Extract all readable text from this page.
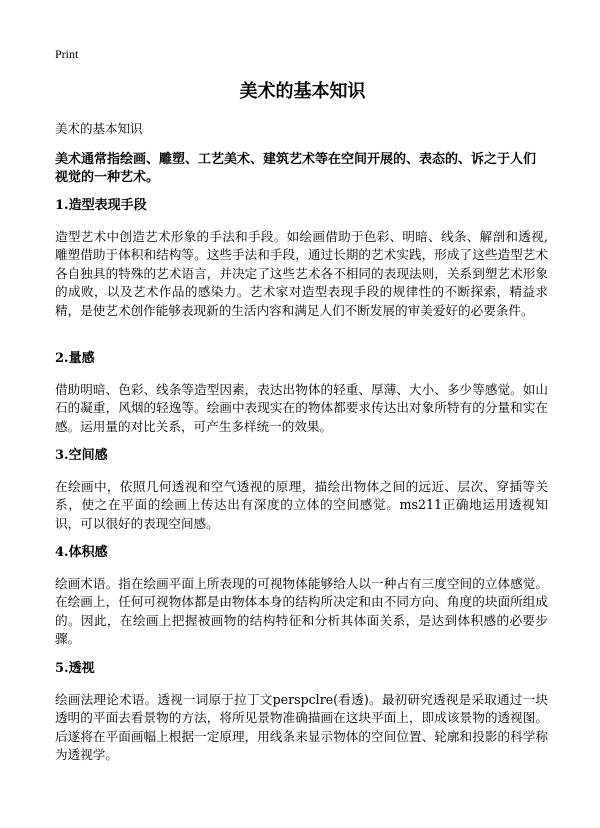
Print
美术的基本知识
美术的基本知识

美术通常指绘画、雕塑、工艺美术、建筑艺术等在空间开展的、表态的、诉之于人们视觉的一种艺术。

1.造型表现手段

造型艺术中创造艺术形象的手法和手段。如绘画借助于色彩、明暗、线条、解剖和透视,雕塑借助于体积和结构等。这些手法和手段，通过长期的艺术实践，形成了这些造型艺术各自独具的特殊的艺术语言，并决定了这些艺术各不相同的表现法则，关系到塑艺术形象的成败，以及艺术作品的感染力。艺术家对造型表现手段的规律性的不断探索，精益求精，是使艺术创作能够表现新的生活内容和满足人们不断发展的审美爱好的必要条件。

2.量感

借助明暗、色彩、线条等造型因素，表达出物体的轻重、厚薄、大小、多少等感觉。如山石的凝重，风烟的轻逸等。绘画中表现实在的物体都要求传达出对象所特有的分量和实在感。运用量的对比关系，可产生多样统一的效果。

3.空间感

在绘画中，依照几何透视和空气透视的原理，描绘出物体之间的远近、层次、穿插等关系，使之在平面的绘画上传达出有深度的立体的空间感觉。ms211正确地运用透视知识，可以很好的表现空间感。

4.体积感

绘画术语。指在绘画平面上所表现的可视物体能够给人以一种占有三度空间的立体感觉。在绘画上，任何可视物体都是由物体本身的结构所决定和由不同方向、角度的块面所组成的。因此，在绘画上把握被画物的结构特征和分析其体面关系，是达到体积感的必要步骤。

5.透视

绘画法理论术语。透视一词原于拉丁文perspclre(看透)。最初研究透视是采取通过一块透明的平面去看景物的方法，将所见景物准确描画在这块平面上，即成该景物的透视图。后遂将在平面画幅上根据一定原理，用线条来显示物体的空间位置、轮廓和投影的科学称为透视学。
